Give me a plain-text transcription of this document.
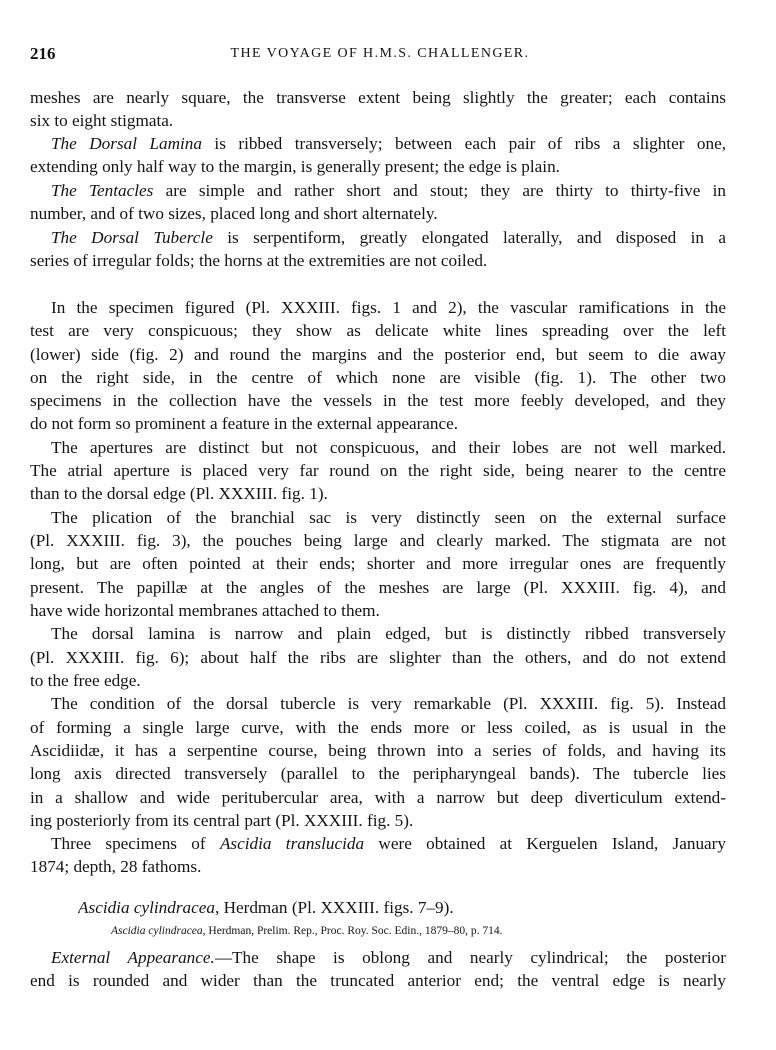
216	THE VOYAGE OF H.M.S. CHALLENGER.
meshes are nearly square, the transverse extent being slightly the greater; each contains
six to eight stigmata.
The Dorsal Lamina is ribbed transversely; between each pair of ribs a slighter one,
extending only half way to the margin, is generally present; the edge is plain.
The Tentacles are simple and rather short and stout; they are thirty to thirty-five in
number, and of two sizes, placed long and short alternately.
The Dorsal Tubercle is serpentiform, greatly elongated laterally, and disposed in a
series of irregular folds; the horns at the extremities are not coiled.
In the specimen figured (Pl. XXXIII. figs. 1 and 2), the vascular ramifications in the
test are very conspicuous; they show as delicate white lines spreading over the left
(lower) side (fig. 2) and round the margins and the posterior end, but seem to die away
on the right side, in the centre of which none are visible (fig. 1). The other two
specimens in the collection have the vessels in the test more feebly developed, and they
do not form so prominent a feature in the external appearance.
The apertures are distinct but not conspicuous, and their lobes are not well marked.
The atrial aperture is placed very far round on the right side, being nearer to the centre
than to the dorsal edge (Pl. XXXIII. fig. 1).
The plication of the branchial sac is very distinctly seen on the external surface
(Pl. XXXIII. fig. 3), the pouches being large and clearly marked. The stigmata are not
long, but are often pointed at their ends; shorter and more irregular ones are frequently
present. The papillæ at the angles of the meshes are large (Pl. XXXIII. fig. 4), and
have wide horizontal membranes attached to them.
The dorsal lamina is narrow and plain edged, but is distinctly ribbed transversely
(Pl. XXXIII. fig. 6); about half the ribs are slighter than the others, and do not extend
to the free edge.
The condition of the dorsal tubercle is very remarkable (Pl. XXXIII. fig. 5). Instead
of forming a single large curve, with the ends more or less coiled, as is usual in the
Ascidiidæ, it has a serpentine course, being thrown into a series of folds, and having its
long axis directed transversely (parallel to the peripharyngeal bands). The tubercle lies
in a shallow and wide peritubercular area, with a narrow but deep diverticulum extend-
ing posteriorly from its central part (Pl. XXXIII. fig. 5).
Three specimens of Ascidia translucida were obtained at Kerguelen Island, January
1874; depth, 28 fathoms.
Ascidia cylindracea, Herdman (Pl. XXXIII. figs. 7–9).
Ascidia cylindracea, Herdman, Prelim. Rep., Proc. Roy. Soc. Edin., 1879–80, p. 714.
External Appearance.—The shape is oblong and nearly cylindrical; the posterior
end is rounded and wider than the truncated anterior end; the ventral edge is nearly
